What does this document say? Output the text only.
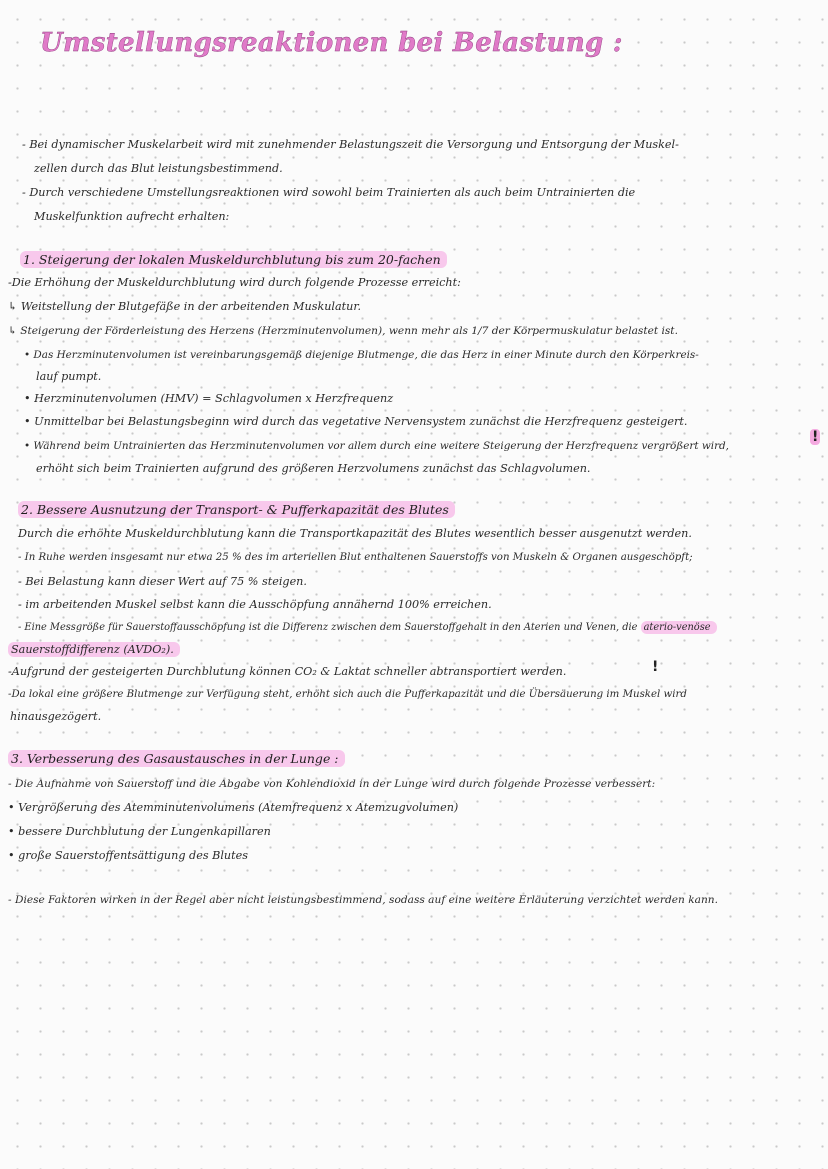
Umstellungsreaktionen bei Belastung :
- Bei dynamischer Muskelarbeit wird mit zunehmender Belastungszeit die Versorgung und Entsorgung der Muskel-
zellen durch das Blut leistungsbestimmend.
- Durch verschiedene Umstellungsreaktionen wird sowohl beim Trainierten als auch beim Untrainierten die
Muskelfunktion aufrecht erhalten:
1. Steigerung der lokalen Muskeldurchblutung bis zum 20-fachen
-Die Erhöhung der Muskeldurchblutung wird durch folgende Prozesse erreicht:
↳ Weitstellung der Blutgefäße in der arbeitenden Muskulatur.
↳ Steigerung der Förderleistung des Herzens (Herzminutenvolumen), wenn mehr als 1/7 der Körpermuskulatur belastet ist.
• Das Herzminutenvolumen ist vereinbarungsgemäß diejenige Blutmenge, die das Herz in einer Minute durch den Körperkreis-
lauf pumpt.
• Herzminutenvolumen (HMV) = Schlagvolumen x Herzfrequenz
• Unmittelbar bei Belastungsbeginn wird durch das vegetative Nervensystem zunächst die Herzfrequenz gesteigert.
• Während beim Untrainierten das Herzminutenvolumen vor allem durch eine weitere Steigerung der Herzfrequenz vergrößert wird,
erhöht sich beim Trainierten aufgrund des größeren Herzvolumens zunächst das Schlagvolumen.
!
2. Bessere Ausnutzung der Transport- & Pufferkapazität des Blutes
Durch die erhöhte Muskeldurchblutung kann die Transportkapazität des Blutes wesentlich besser ausgenutzt werden.
- In Ruhe werden insgesamt nur etwa 25 % des im arteriellen Blut enthaltenen Sauerstoffs von Muskeln & Organen ausgeschöpft;
- Bei Belastung kann dieser Wert auf 75 % steigen.
- im arbeitenden Muskel selbst kann die Ausschöpfung annähernd 100% erreichen.
- Eine Messgröße für Sauerstoffausschöpfung ist die Differenz zwischen dem Sauerstoffgehalt in den Aterien und Venen, die aterio-venöse
Sauerstoffdifferenz (AVDO₂).
-Aufgrund der gesteigerten Durchblutung können CO₂ & Laktat schneller abtransportiert werden.	!
-Da lokal eine größere Blutmenge zur Verfügung steht, erhöht sich auch die Pufferkapazität und die Übersäuerung im Muskel wird
hinausgezögert.
3. Verbesserung des Gasaustausches in der Lunge :
- Die Aufnahme von Sauerstoff und die Abgabe von Kohlendioxid in der Lunge wird durch folgende Prozesse verbessert:
• Vergrößerung des Atemminutenvolumens (Atemfrequenz x Atemzugvolumen)
• bessere Durchblutung der Lungenkapillaren
• große Sauerstoffentsättigung des Blutes
- Diese Faktoren wirken in der Regel aber nicht leistungsbestimmend, sodass auf eine weitere Erläuterung verzichtet werden kann.
